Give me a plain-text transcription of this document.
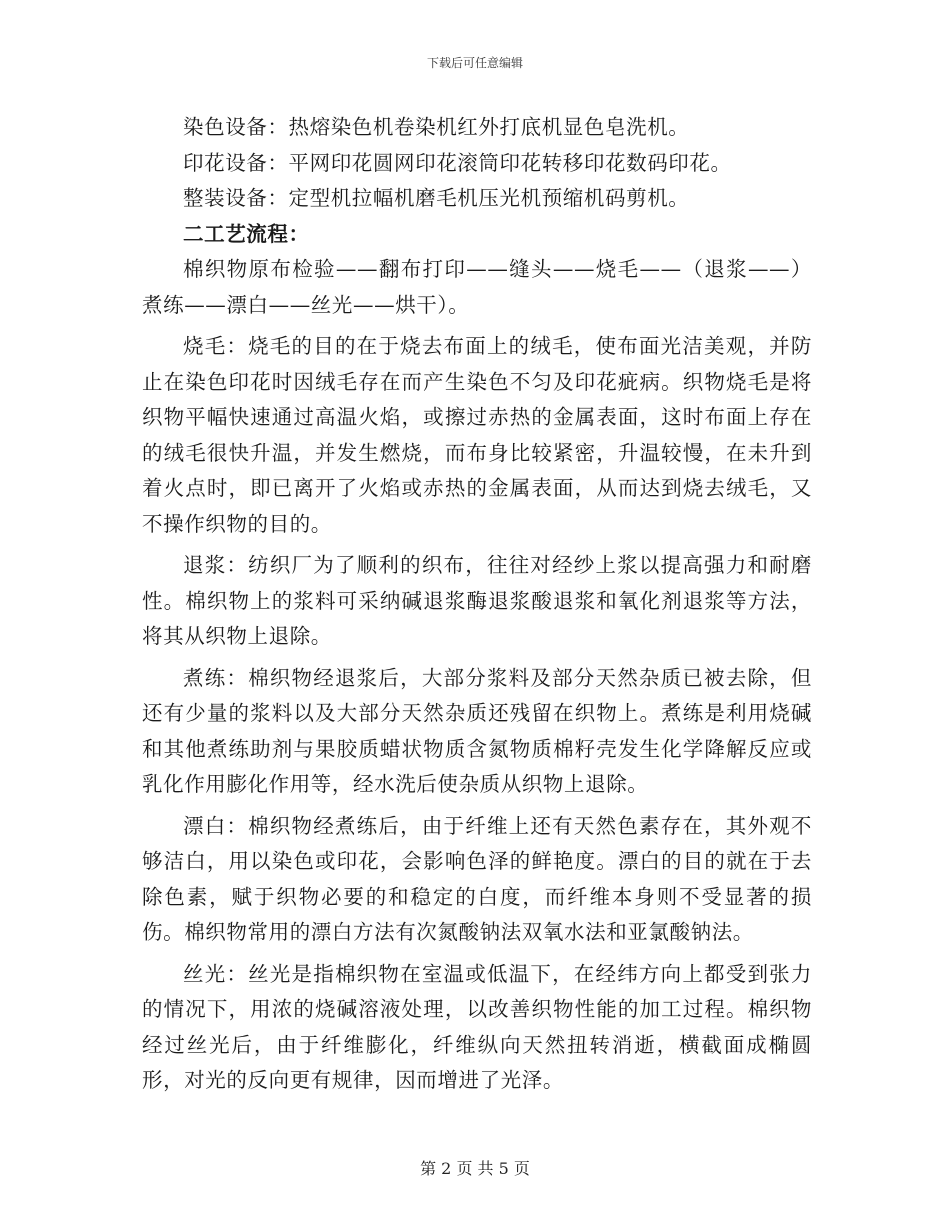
下载后可任意编辑

染色设备：热熔染色机卷染机红外打底机显色皂洗机。

印花设备：平网印花圆网印花滚筒印花转移印花数码印花。

整装设备：定型机拉幅机磨毛机压光机预缩机码剪机。

二工艺流程：

棉织物原布检验——翻布打印——缝头——烧毛——（退浆——）煮练——漂白——丝光——烘干）。

烧毛：烧毛的目的在于烧去布面上的绒毛，使布面光洁美观，并防止在染色印花时因绒毛存在而产生染色不匀及印花疵病。织物烧毛是将织物平幅快速通过高温火焰，或擦过赤热的金属表面，这时布面上存在的绒毛很快升温，并发生燃烧，而布身比较紧密，升温较慢，在未升到着火点时，即已离开了火焰或赤热的金属表面，从而达到烧去绒毛，又不操作织物的目的。

退浆：纺织厂为了顺利的织布，往往对经纱上浆以提高强力和耐磨性。棉织物上的浆料可采纳碱退浆酶退浆酸退浆和氧化剂退浆等方法，将其从织物上退除。

煮练：棉织物经退浆后，大部分浆料及部分天然杂质已被去除，但还有少量的浆料以及大部分天然杂质还残留在织物上。煮练是利用烧碱和其他煮练助剂与果胶质蜡状物质含氮物质棉籽壳发生化学降解反应或乳化作用膨化作用等，经水洗后使杂质从织物上退除。

漂白：棉织物经煮练后，由于纤维上还有天然色素存在，其外观不够洁白，用以染色或印花，会影响色泽的鲜艳度。漂白的目的就在于去除色素，赋于织物必要的和稳定的白度，而纤维本身则不受显著的损伤。棉织物常用的漂白方法有次氮酸钠法双氧水法和亚氯酸钠法。

丝光：丝光是指棉织物在室温或低温下，在经纬方向上都受到张力的情况下，用浓的烧碱溶液处理，以改善织物性能的加工过程。棉织物经过丝光后，由于纤维膨化，纤维纵向天然扭转消逝，横截面成椭圆形，对光的反向更有规律，因而增进了光泽。

第 2 页 共 5 页
